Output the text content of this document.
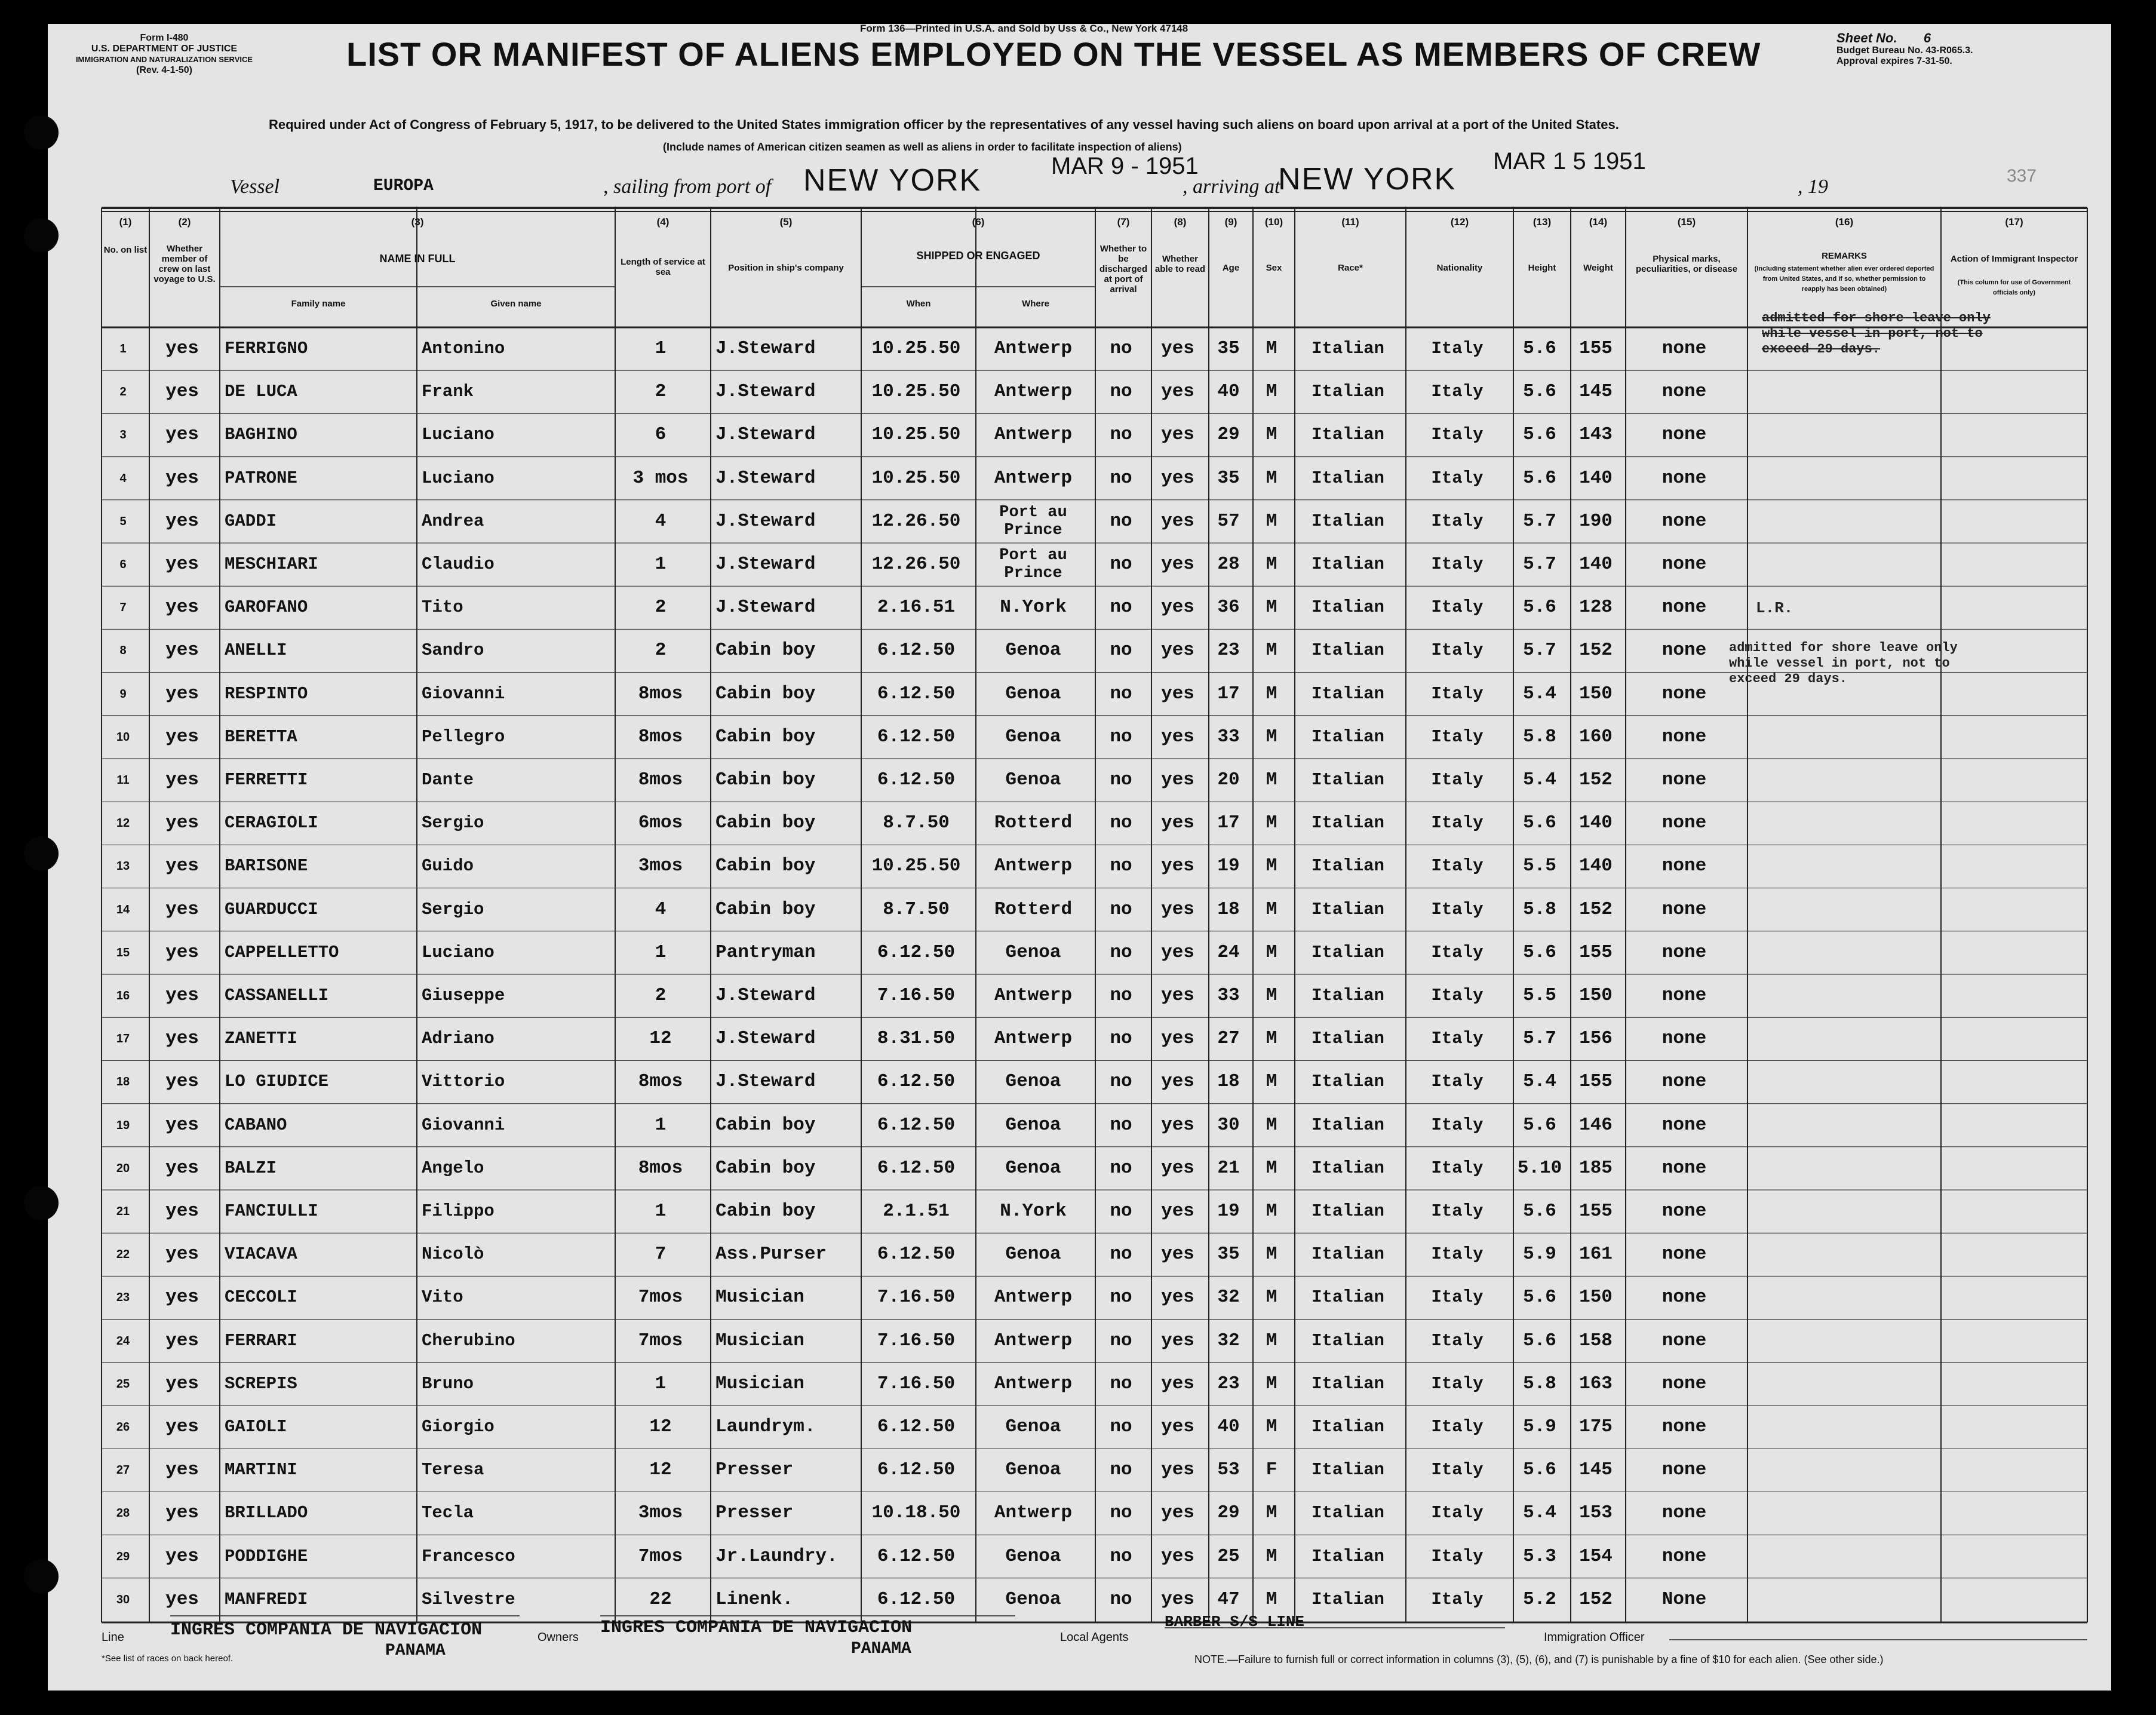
Form 136—Printed in U.S.A. and Sold by Uss & Co., New York 47148
Form I-480
U.S. DEPARTMENT OF JUSTICE
IMMIGRATION AND NATURALIZATION SERVICE
(Rev. 4-1-50)	LIST OR MANIFEST OF ALIENS EMPLOYED ON THE VESSEL AS MEMBERS OF CREW	Sheet No. 6
Budget Bureau No. 43-R065.3.
Approval expires 7-31-50.
Required under Act of Congress of February 5, 1917, to be delivered to the United States immigration officer by the representatives of any vessel having such aliens on board upon arrival at a port of the United States.
(Include names of American citizen seamen as well as aliens in order to facilitate inspection of aliens)
Vessel	EUROPA	, sailing from port of NEW YORK	MAR 9 - 1951
, arriving at
NEW YORK
MAR 1 5 1951
, 19	337
(1)	(2)	(3)	(4)	(5)	(6)	(7)	(8)	(9)	(10)	(11)	(12)	(13)	(14)	(15)	(16)	(17)
No. on list	Whether member of crew on last voyage to U.S.
NAME IN FULL
Family name	Given name
Length of service at sea	Position in ship's company
SHIPPED OR ENGAGED
When	Where
Whether to be discharged at port of arrival
Whether able to read	Age	Sex	Race*	Nationality	Height	Weight
Physical marks, peculiarities, or disease
REMARKS
(Including statement whether alien ever ordered deported from United States, and if so, whether permission to reapply has been obtained)
Action of Immigrant Inspector
(This column for use of Government officials only)
1	yes	FERRIGNO	Antonino	1	J.Steward	10.25.50	Antwerp	no	yes	35	M	Italian	Italy	5.6	155	none
2	yes	DE LUCA	Frank	2	J.Steward	10.25.50	Antwerp	no	yes	40	M	Italian	Italy	5.6	145	none
3	yes	BAGHINO	Luciano	6	J.Steward	10.25.50	Antwerp	no	yes	29	M	Italian	Italy	5.6	143	none
4	yes	PATRONE	Luciano	3 mos	J.Steward	10.25.50	Antwerp	no	yes	35	M	Italian	Italy	5.6	140	none
5	yes	GADDI	Andrea	4	J.Steward	12.26.50	Port au Prince	no	yes	57	M	Italian	Italy	5.7	190	none
6	yes	MESCHIARI	Claudio	1	J.Steward	12.26.50	Port au Prince	no	yes	28	M	Italian	Italy	5.7	140	none
7	yes	GAROFANO	Tito	2	J.Steward	2.16.51	N.York	no	yes	36	M	Italian	Italy	5.6	128	none
8	yes	ANELLI	Sandro	2	Cabin boy	6.12.50	Genoa	no	yes	23	M	Italian	Italy	5.7	152	none
9	yes	RESPINTO	Giovanni	8mos	Cabin boy	6.12.50	Genoa	no	yes	17	M	Italian	Italy	5.4	150	none
10	yes	BERETTA	Pellegro	8mos	Cabin boy	6.12.50	Genoa	no	yes	33	M	Italian	Italy	5.8	160	none
11	yes	FERRETTI	Dante	8mos	Cabin boy	6.12.50	Genoa	no	yes	20	M	Italian	Italy	5.4	152	none
12	yes	CERAGIOLI	Sergio	6mos	Cabin boy	8.7.50	Rotterd	no	yes	17	M	Italian	Italy	5.6	140	none
13	yes	BARISONE	Guido	3mos	Cabin boy	10.25.50	Antwerp	no	yes	19	M	Italian	Italy	5.5	140	none
14	yes	GUARDUCCI	Sergio	4	Cabin boy	8.7.50	Rotterd	no	yes	18	M	Italian	Italy	5.8	152	none
15	yes	CAPPELLETTO	Luciano	1	Pantryman	6.12.50	Genoa	no	yes	24	M	Italian	Italy	5.6	155	none
16	yes	CASSANELLI	Giuseppe	2	J.Steward	7.16.50	Antwerp	no	yes	33	M	Italian	Italy	5.5	150	none
17	yes	ZANETTI	Adriano	12	J.Steward	8.31.50	Antwerp	no	yes	27	M	Italian	Italy	5.7	156	none
18	yes	LO GIUDICE	Vittorio	8mos	J.Steward	6.12.50	Genoa	no	yes	18	M	Italian	Italy	5.4	155	none
19	yes	CABANO	Giovanni	1	Cabin boy	6.12.50	Genoa	no	yes	30	M	Italian	Italy	5.6	146	none
20	yes	BALZI	Angelo	8mos	Cabin boy	6.12.50	Genoa	no	yes	21	M	Italian	Italy	5.10 185	none
21	yes	FANCIULLI	Filippo	1	Cabin boy	2.1.51	N.York	no	yes	19	M	Italian	Italy	5.6	155	none
22	yes	VIACAVA	Nicolò	7	Ass.Purser	6.12.50	Genoa	no	yes	35	M	Italian	Italy	5.9	161	none
23	yes	CECCOLI	Vito	7mos	Musician	7.16.50	Antwerp	no	yes	32	M	Italian	Italy	5.6	150	none
24	yes	FERRARI	Cherubino	7mos	Musician	7.16.50	Antwerp	no	yes	32	M	Italian	Italy	5.6	158	none
25	yes	SCREPIS	Bruno	1	Musician	7.16.50	Antwerp	no	yes	23	M	Italian	Italy	5.8	163	none
26	yes	GAIOLI	Giorgio	12	Laundrym.	6.12.50	Genoa	no	yes	40	M	Italian	Italy	5.9	175	none
27	yes	MARTINI	Teresa	12	Presser	6.12.50	Genoa	no	yes	53	F	Italian	Italy	5.6	145	none
28	yes	BRILLADO	Tecla	3mos	Presser	10.18.50	Antwerp	no	yes	29	M	Italian	Italy	5.4	153	none
29	yes	PODDIGHE	Francesco	7mos	Jr.Laundry.	6.12.50	Genoa	no	yes	25	M	Italian	Italy	5.3	154	none
30	yes	MANFREDI	Silvestre	22	Linenk.	6.12.50	Genoa	no	yes	47	M	Italian	Italy	5.2	152	None
admitted for shore leave only
while vessel in port, not to
exceed 29 days.
L.R.
admitted for shore leave only
while vessel in port, not to
exceed 29 days.
Line	INGRES COMPANIA DE NAVIGACION
PANAMA
Owners INGRES COMPANIA DE NAVIGACION
PANAMA
Local Agents
BARBER S/S LINE
Immigration Officer
*See list of races on back hereof.	NOTE.—Failure to furnish full or correct information in columns (3), (5), (6), and (7) is punishable by a fine of $10 for each alien. (See other side.)
